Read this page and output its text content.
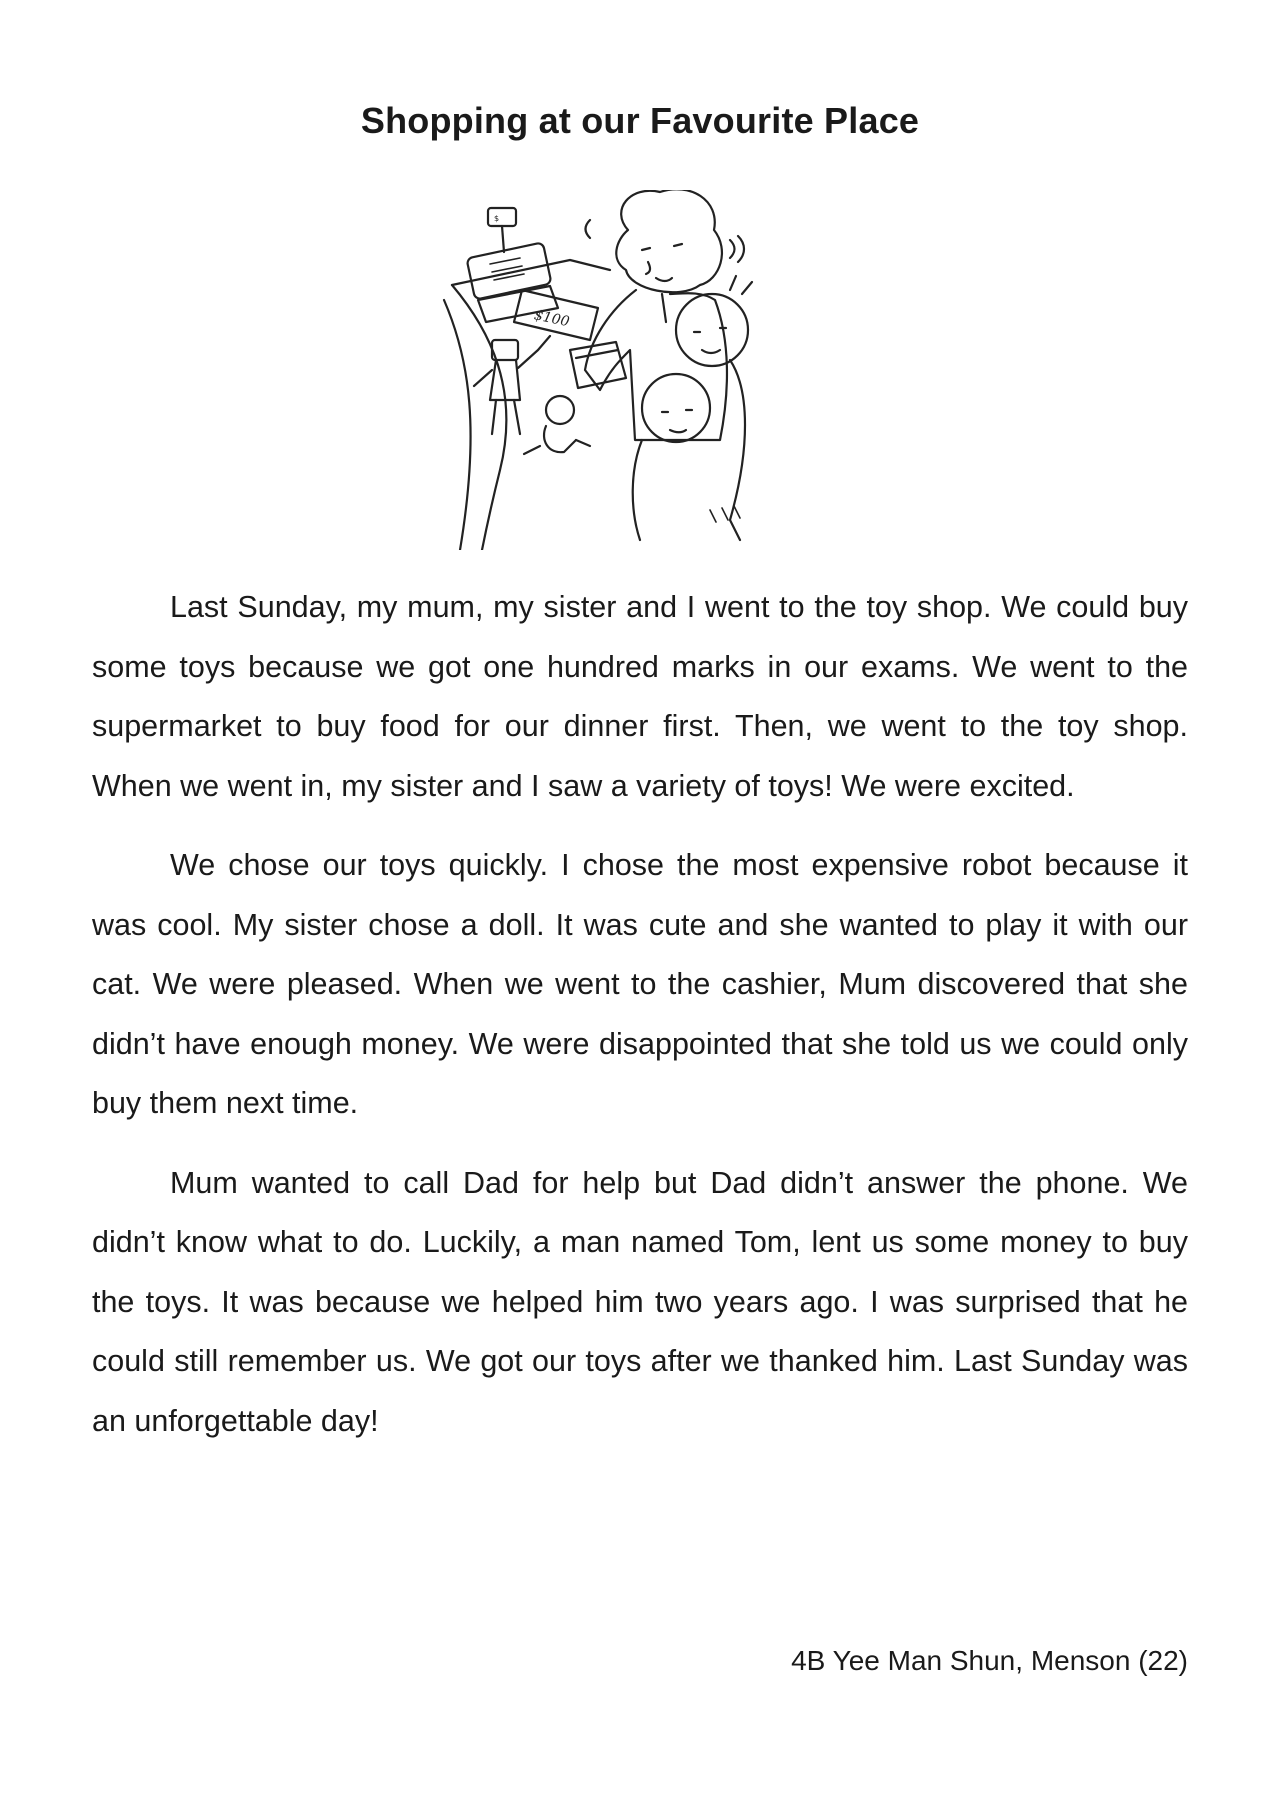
Shopping at our Favourite Place
$
$100

Last Sunday, my mum, my sister and I went to the toy shop. We could buy some toys because we got one hundred marks in our exams. We went to the supermarket to buy food for our dinner first. Then, we went to the toy shop. When we went in, my sister and I saw a variety of toys! We were excited.

We chose our toys quickly. I chose the most expensive robot because it was cool. My sister chose a doll. It was cute and she wanted to play it with our cat. We were pleased. When we went to the cashier, Mum discovered that she didn’t have enough money. We were disappointed that she told us we could only buy them next time.

Mum wanted to call Dad for help but Dad didn’t answer the phone. We didn’t know what to do. Luckily, a man named Tom, lent us some money to buy the toys. It was because we helped him two years ago. I was surprised that he could still remember us. We got our toys after we thanked him. Last Sunday was an unforgettable day!

4B Yee Man Shun, Menson (22)
